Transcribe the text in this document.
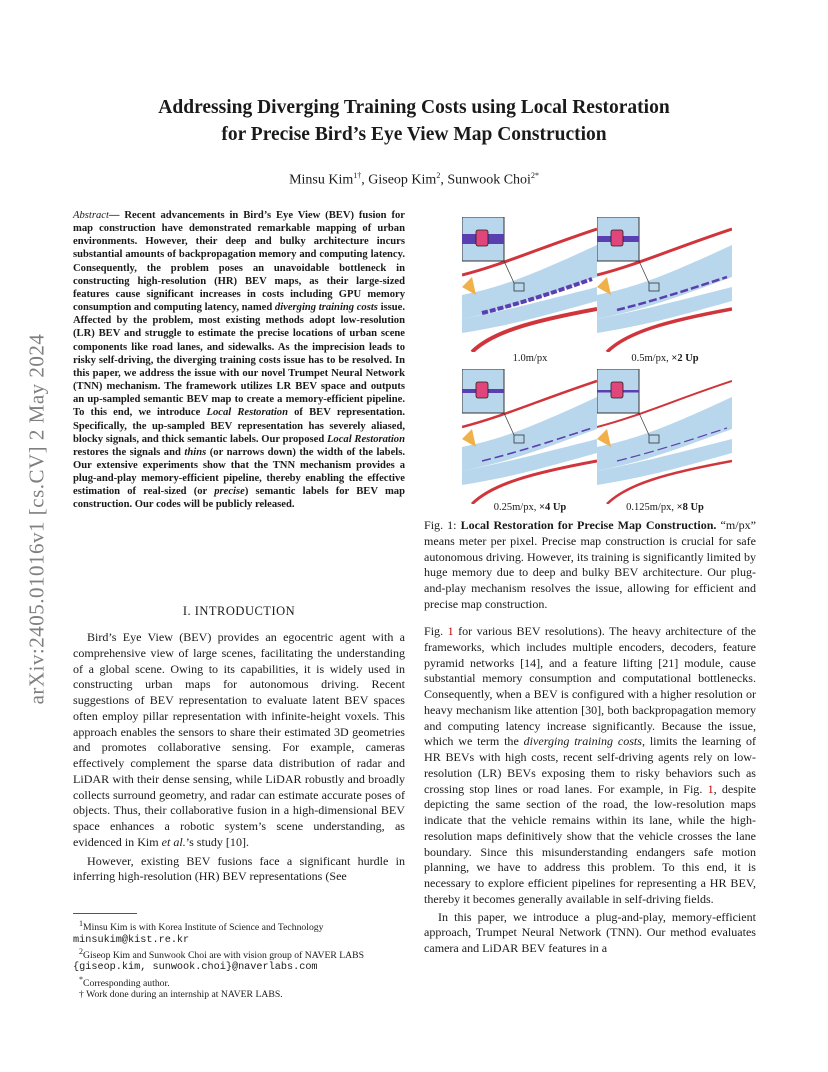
arXiv:2405.01016v1 [cs.CV] 2 May 2024
Addressing Diverging Training Costs using Local Restoration
for Precise Bird’s Eye View Map Construction
Minsu Kim$^{1\dagger}$, Giseop Kim$^2$, Sunwook Choi$^{2*}$
Abstract— Recent advancements in Bird’s Eye View (BEV) fusion for map construction have demonstrated remarkable mapping of urban environments. However, their deep and bulky architecture incurs substantial amounts of backpropagation memory and computing latency. Consequently, the problem poses an unavoidable bottleneck in constructing high-resolution (HR) BEV maps, as their large-sized features cause significant increases in costs including GPU memory consumption and computing latency, named diverging training costs issue. Affected by the problem, most existing methods adopt low-resolution (LR) BEV and struggle to estimate the precise locations of urban scene components like road lanes, and sidewalks. As the imprecision leads to risky self-driving, the diverging training costs issue has to be resolved. In this paper, we address the issue with our novel Trumpet Neural Network (TNN) mechanism. The framework utilizes LR BEV space and outputs an up-sampled semantic BEV map to create a memory-efficient pipeline. To this end, we introduce Local Restoration of BEV representation. Specifically, the up-sampled BEV representation has severely aliased, blocky signals, and thick semantic labels. Our proposed Local Restoration restores the signals and thins (or narrows down) the width of the labels. Our extensive experiments show that the TNN mechanism provides a plug-and-play memory-efficient pipeline, thereby enabling the effective estimation of real-sized (or precise) semantic labels for BEV map construction. Our codes will be publicly released.
I. INTRODUCTION

Bird’s Eye View (BEV) provides an egocentric agent with a comprehensive view of large scenes, facilitating the understanding of a global scene. Owing to its capabilities, it is widely used in constructing urban maps for autonomous driving. Recent suggestions of BEV representation to evaluate latent BEV spaces often employ pillar representation with infinite-height voxels. This approach enables the sensors to share their estimated 3D geometries and promotes collaborative sensing. For example, cameras effectively complement the sparse data distribution of radar and LiDAR with their dense sensing, while LiDAR robustly and broadly collects surround geometry, and radar can estimate accurate poses of objects. Thus, their collaborative fusion in a high-dimensional BEV space enhances a robotic system’s scene understanding, as evidenced in Kim et al.’s study [10].

However, existing BEV fusions face a significant hurdle in inferring high-resolution (HR) BEV representations (See

$^1$Minsu Kim is with Korea Institute of Science and Technology
minsukim@kist.re.kr
$^2$Giseop Kim and Sunwook Choi are with vision group of NAVER LABS
{giseop.kim, sunwook.choi}@naverlabs.com
*Corresponding author.
† Work done during an internship at NAVER LABS.
1.0m/px	0.5m/px, ×2 Up
0.25m/px, ×4 Up	0.125m/px, ×8 Up

Fig. 1: Local Restoration for Precise Map Construction. “m/px” means meter per pixel. Precise map construction is crucial for safe autonomous driving. However, its training is significantly limited by huge memory due to deep and bulky BEV architecture. Our plug-and-play mechanism resolves the issue, allowing for efficient and precise map construction.

Fig. 1 for various BEV resolutions). The heavy architecture of the frameworks, which includes multiple encoders, decoders, feature pyramid networks [14], and a feature lifting [21] module, cause substantial memory consumption and computational bottlenecks. Consequently, when a BEV is configured with a higher resolution or heavy mechanism like attention [30], both backpropagation memory and computing latency increase significantly. Because the issue, which we term the diverging training costs, limits the learning of HR BEVs with high costs, recent self-driving agents rely on low-resolution (LR) BEVs exposing them to risky behaviors such as crossing stop lines or road lanes. For example, in Fig. 1, despite depicting the same section of the road, the low-resolution maps indicate that the vehicle remains within its lane, while the high-resolution maps definitively show that the vehicle crosses the lane boundary. Since this misunderstanding endangers safe motion planning, we have to address this problem. To this end, it is necessary to explore efficient pipelines for representing a HR BEV, thereby it becomes generally available in self-driving fields.

In this paper, we introduce a plug-and-play, memory-efficient approach, Trumpet Neural Network (TNN). Our method evaluates camera and LiDAR BEV features in a
